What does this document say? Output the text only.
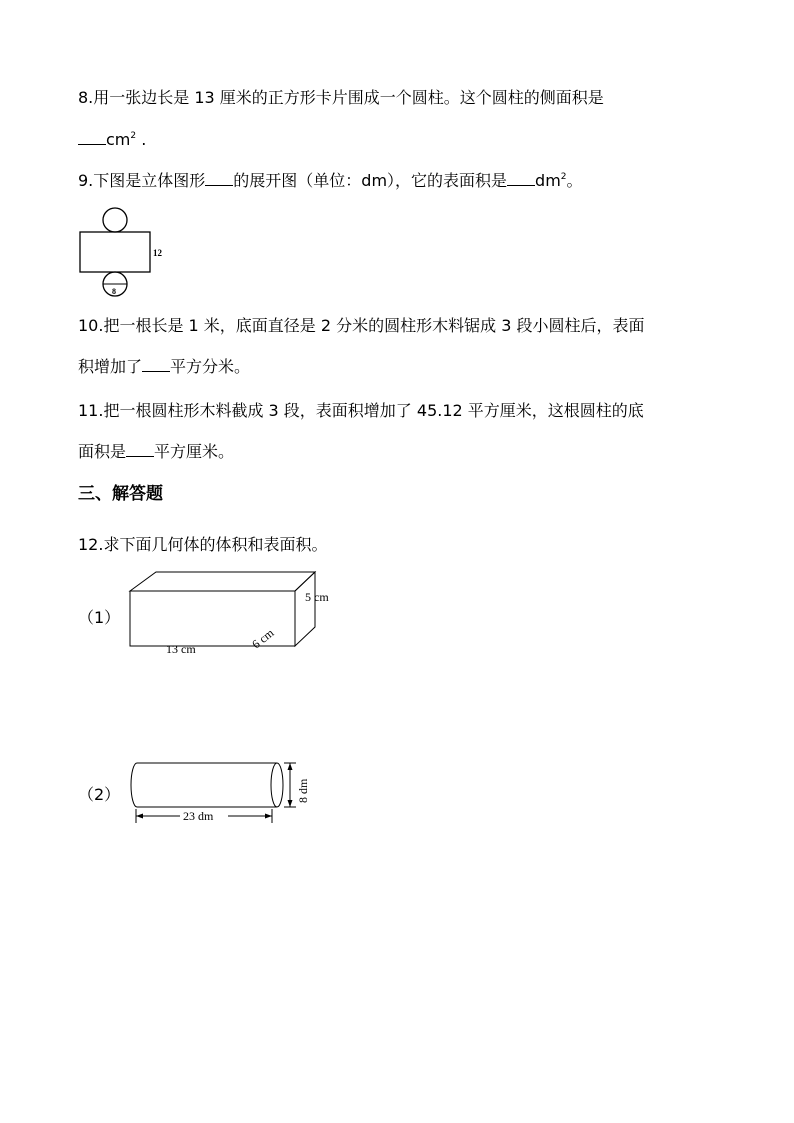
8.用一张边长是 13 厘米的正方形卡片围成一个圆柱。这个圆柱的侧面积是
$cm^2$ .
9.下图是立体图形 的展开图（单位：dm），它的表面积是 $dm^2$。
12
8
10.把一根长是 1 米，底面直径是 2 分米的圆柱形木料锯成 3 段小圆柱后，表面
积增加了 平方分米。
11.把一根圆柱形木料截成 3 段，表面积增加了 45.12 平方厘米，这根圆柱的底
面积是 平方厘米。
三、解答题
12.求下面几何体的体积和表面积。
（1）
5 cm
13 cm	6 cm
（2）
23 dm
8 dm
